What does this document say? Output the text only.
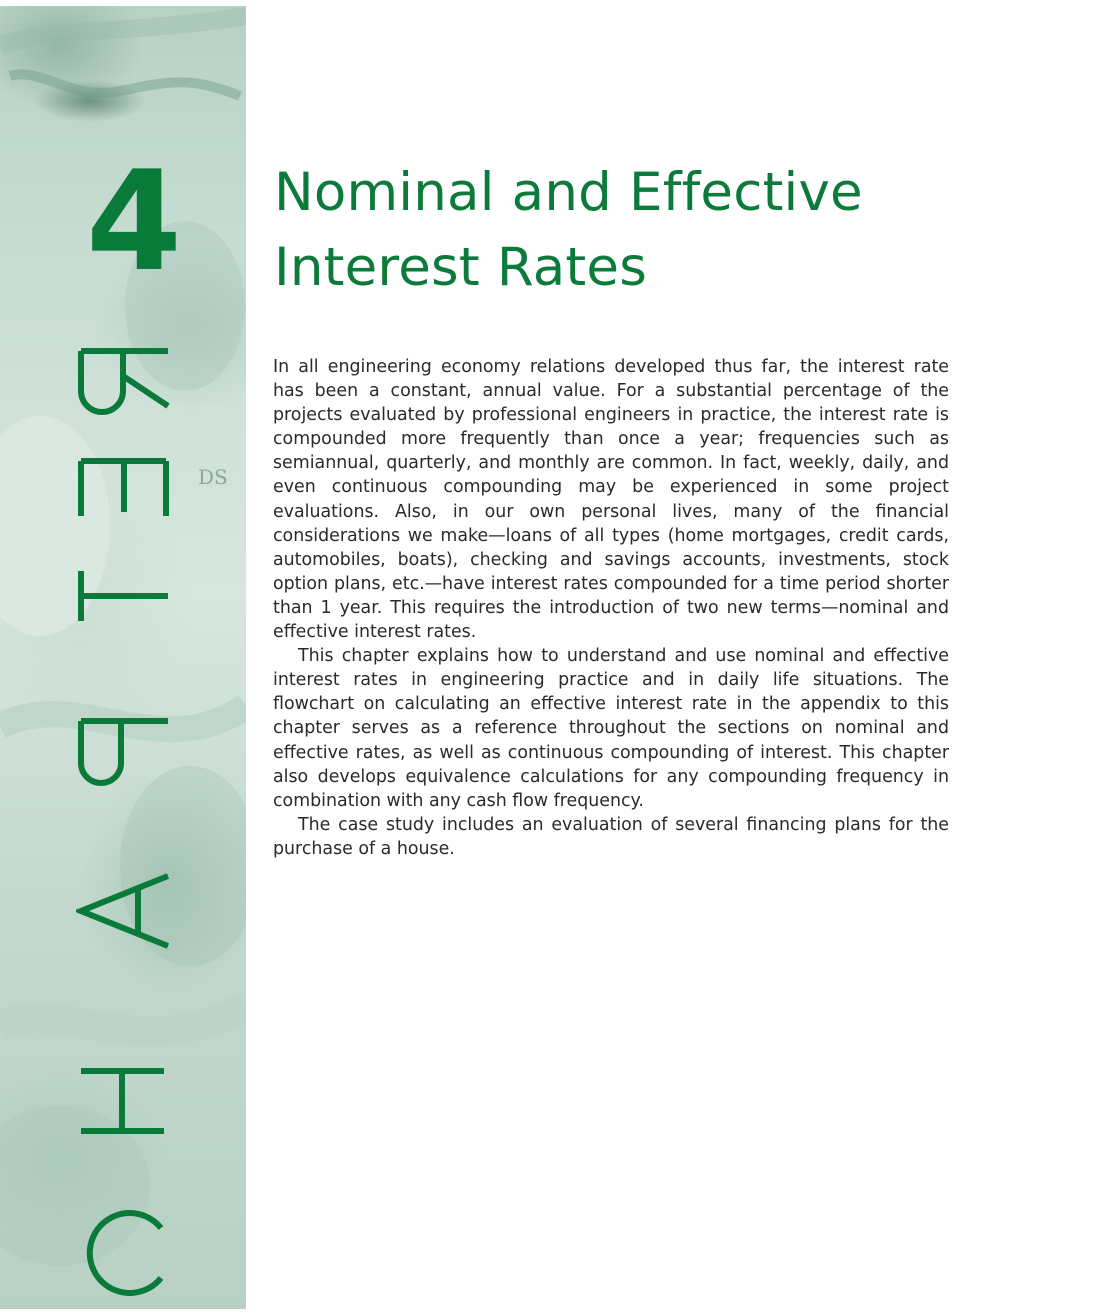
DS
4 Nominal and Effective
Interest Rates

In all engineering economy relations developed thus far, the interest rate has been a constant, annual value. For a substantial percentage of the projects evaluated by professional engineers in practice, the interest rate is compounded more frequently than once a year; frequencies such as semiannual, quarterly, and monthly are common. In fact, weekly, daily, and even continuous compounding may be experienced in some project evaluations. Also, in our own personal lives, many of the financial considerations we make—loans of all types (home mortgages, credit cards, automobiles, boats), checking and savings accounts, investments, stock option plans, etc.—have interest rates compounded for a time period shorter than 1 year. This requires the introduction of two new terms—nominal and effective interest rates.

This chapter explains how to understand and use nominal and effective interest rates in engineering practice and in daily life situations. The flowchart on calculating an effective interest rate in the appendix to this chapter serves as a reference throughout the sections on nominal and effective rates, as well as continuous compounding of interest. This chapter also develops equivalence calculations for any compounding frequency in combination with any cash flow frequency.

The case study includes an evaluation of several financing plans for the purchase of a house.
